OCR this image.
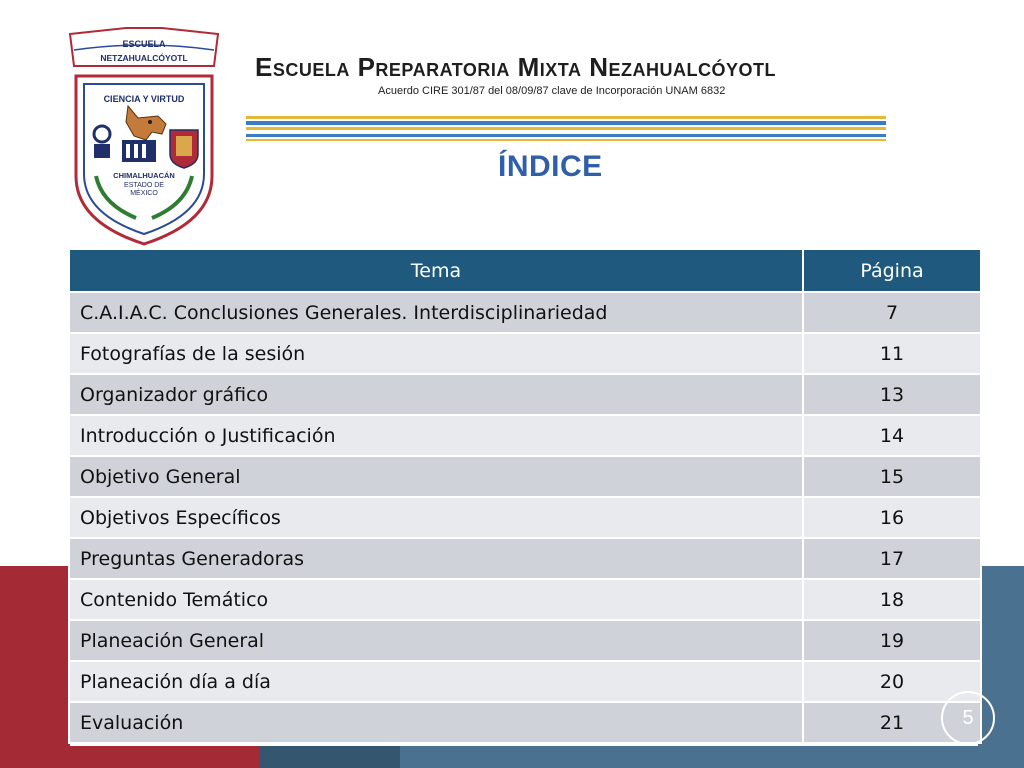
ESCUELA
NETZAHUALCÓYOTL
CIENCIA Y VIRTUD
CHIMALHUACÁN
ESTADO DE
MÉXICO
Escuela Preparatoria Mixta Nezahualcóyotl
Acuerdo CIRE 301/87 del 08/09/87 clave de Incorporación UNAM 6832
ÍNDICE
Tema	Página
C.A.I.A.C. Conclusiones Generales. Interdisciplinariedad	7
Fotografías de la sesión	11
Organizador gráfico	13
Introducción o Justificación	14
Objetivo General	15
Objetivos Específicos	16
Preguntas Generadoras	17
Contenido Temático	18
Planeación General	19
Planeación día a día	20
Evaluación	21	5
